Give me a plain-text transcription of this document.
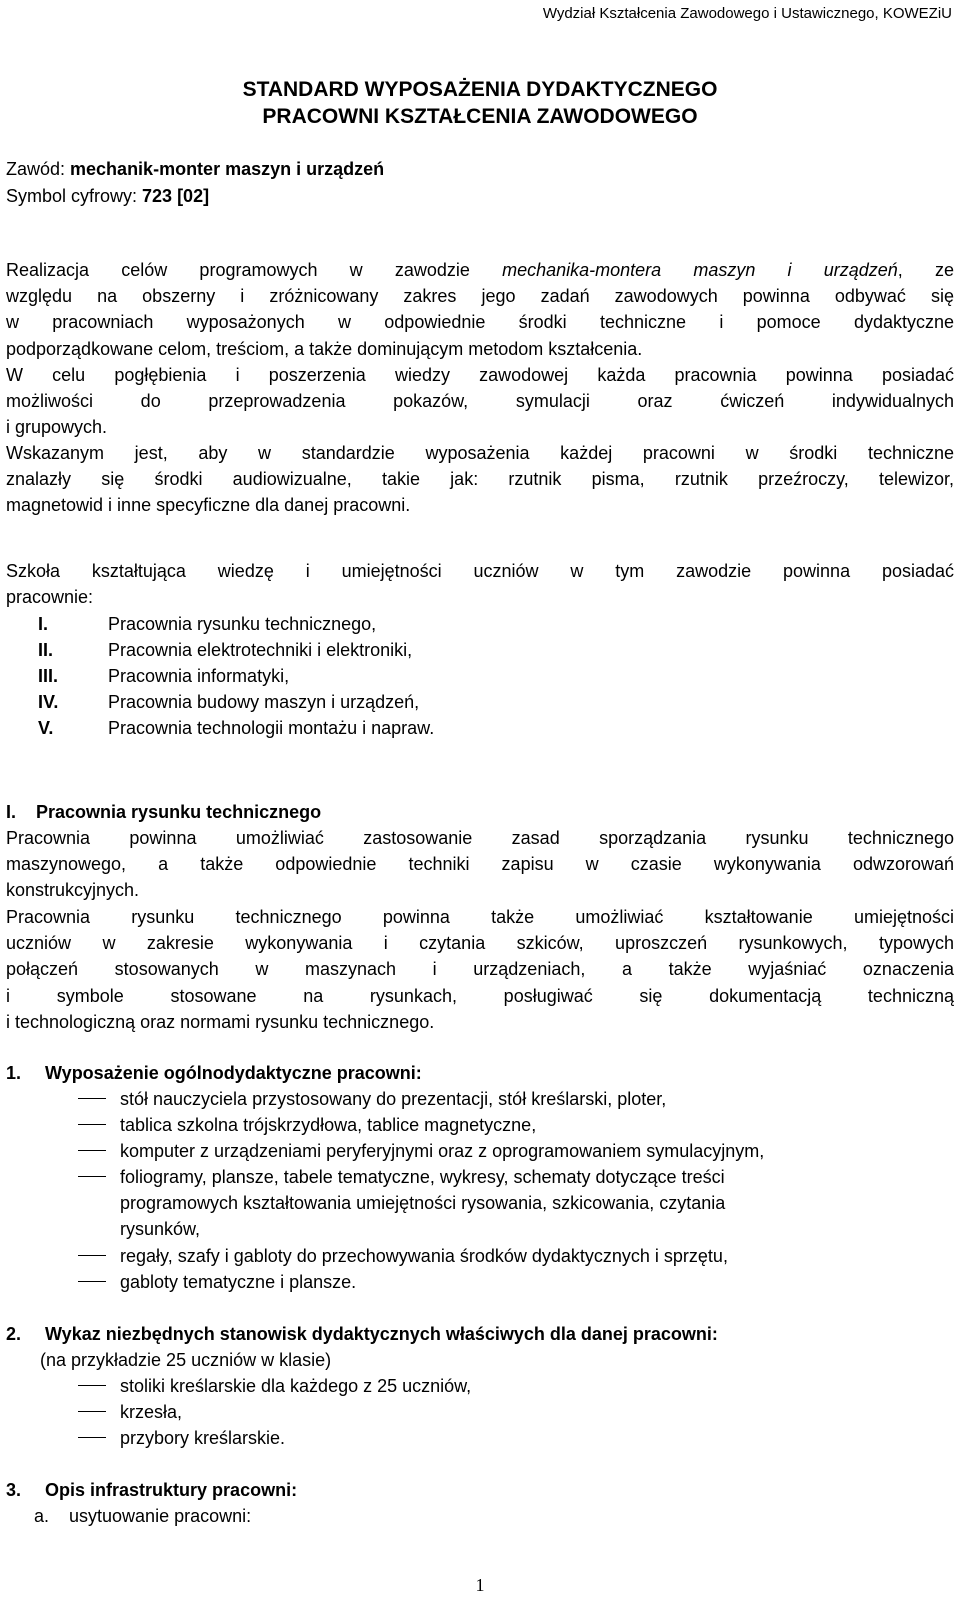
Wydział Kształcenia Zawodowego i Ustawicznego, KOWEZiU
STANDARD WYPOSAŻENIA DYDAKTYCZNEGO
PRACOWNI KSZTAŁCENIA ZAWODOWEGO
Zawód: mechanik-monter maszyn i urządzeń
Symbol cyfrowy: 723 [02]
Realizacja celów programowych w zawodzie mechanika-montera maszyn i urządzeń, ze
względu na obszerny i zróżnicowany zakres jego zadań zawodowych powinna odbywać się
w pracowniach wyposażonych w odpowiednie środki techniczne i pomoce dydaktyczne
podporządkowane celom, treściom, a także dominującym metodom kształcenia.
W celu pogłębienia i poszerzenia wiedzy zawodowej każda pracownia powinna posiadać
możliwości do przeprowadzenia pokazów, symulacji oraz ćwiczeń indywidualnych
i grupowych.
Wskazanym jest, aby w standardzie wyposażenia każdej pracowni w środki techniczne
znalazły się środki audiowizualne, takie jak: rzutnik pisma, rzutnik przeźroczy, telewizor,
magnetowid i inne specyficzne dla danej pracowni.
Szkoła kształtująca wiedzę i umiejętności uczniów w tym zawodzie powinna posiadać
pracownie:
I.	Pracownia rysunku technicznego,
II.	Pracownia elektrotechniki i elektroniki,
III.	Pracownia informatyki,
IV.	Pracownia budowy maszyn i urządzeń,
V.	Pracownia technologii montażu i napraw.
I. Pracownia rysunku technicznego
Pracownia powinna umożliwiać zastosowanie zasad sporządzania rysunku technicznego
maszynowego, a także odpowiednie techniki zapisu w czasie wykonywania odwzorowań
konstrukcyjnych.
Pracownia rysunku technicznego powinna także umożliwiać kształtowanie umiejętności
uczniów w zakresie wykonywania i czytania szkiców, uproszczeń rysunkowych, typowych
połączeń stosowanych w maszynach i urządzeniach, a także wyjaśniać oznaczenia
i symbole stosowane na rysunkach, posługiwać się dokumentacją techniczną
i technologiczną oraz normami rysunku technicznego.
1. Wyposażenie ogólnodydaktyczne pracowni:
stół nauczyciela przystosowany do prezentacji, stół kreślarski, ploter,
tablica szkolna trójskrzydłowa, tablice magnetyczne,
komputer z urządzeniami peryferyjnymi oraz z oprogramowaniem symulacyjnym,
foliogramy, plansze, tabele tematyczne, wykresy, schematy dotyczące treści
programowych kształtowania umiejętności rysowania, szkicowania, czytania
rysunków,
regały, szafy i gabloty do przechowywania środków dydaktycznych i sprzętu,
gabloty tematyczne i plansze.
2. Wykaz niezbędnych stanowisk dydaktycznych właściwych dla danej pracowni:
(na przykładzie 25 uczniów w klasie)
stoliki kreślarskie dla każdego z 25 uczniów,
krzesła,
przybory kreślarskie.
3. Opis infrastruktury pracowni:
a. usytuowanie pracowni:
1
